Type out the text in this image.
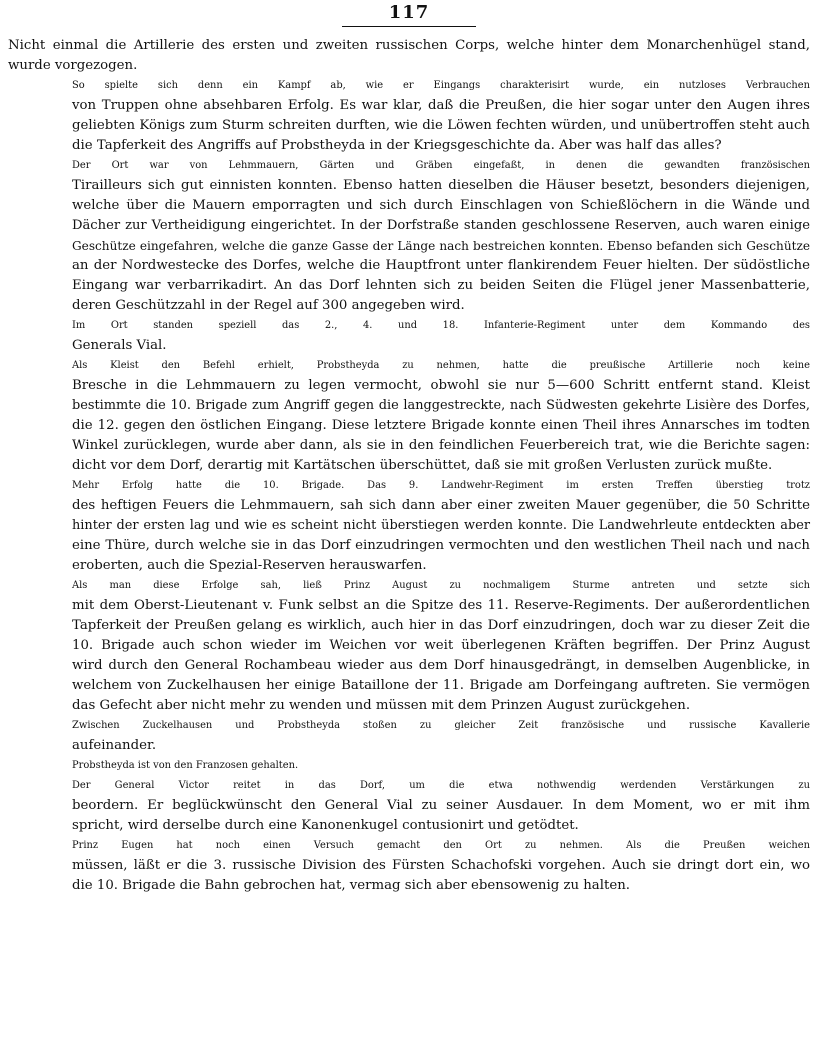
117
Nicht einmal die Artillerie des ersten und zweiten russischen Corps, welche hinter dem Monarchenhügel stand,
wurde vorgezogen.
So spielte sich denn ein Kampf ab, wie er Eingangs charakterisirt wurde, ein nutzloses Verbrauchen
von Truppen ohne absehbaren Erfolg. Es war klar, daß die Preußen, die hier sogar unter den Augen ihres
geliebten Königs zum Sturm schreiten durften, wie die Löwen fechten würden, und unübertroffen steht auch
die Tapferkeit des Angriffs auf Probstheyda in der Kriegsgeschichte da. Aber was half das alles?
Der Ort war von Lehmmauern, Gärten und Gräben eingefaßt, in denen die gewandten französischen
Tirailleurs sich gut einnisten konnten. Ebenso hatten dieselben die Häuser besetzt, besonders diejenigen,
welche über die Mauern emporragten und sich durch Einschlagen von Schießlöchern in die Wände und
Dächer zur Vertheidigung eingerichtet. In der Dorfstraße standen geschlossene Reserven, auch waren einige
Geschütze eingefahren, welche die ganze Gasse der Länge nach bestreichen konnten. Ebenso befanden sich Geschütze
an der Nordwestecke des Dorfes, welche die Hauptfront unter flankirendem Feuer hielten. Der südöstliche
Eingang war verbarrikadirt. An das Dorf lehnten sich zu beiden Seiten die Flügel jener Massenbatterie,
deren Geschützzahl in der Regel auf 300 angegeben wird.
Im Ort standen speziell das 2., 4. und 18. Infanterie-Regiment unter dem Kommando des
Generals Vial.
Als Kleist den Befehl erhielt, Probstheyda zu nehmen, hatte die preußische Artillerie noch keine
Bresche in die Lehmmauern zu legen vermocht, obwohl sie nur 5—600 Schritt entfernt stand. Kleist
bestimmte die 10. Brigade zum Angriff gegen die langgestreckte, nach Südwesten gekehrte Lisière des Dorfes,
die 12. gegen den östlichen Eingang. Diese letztere Brigade konnte einen Theil ihres Annarsches im todten
Winkel zurücklegen, wurde aber dann, als sie in den feindlichen Feuerbereich trat, wie die Berichte sagen:
dicht vor dem Dorf, derartig mit Kartätschen überschüttet, daß sie mit großen Verlusten zurück mußte.
Mehr Erfolg hatte die 10. Brigade. Das 9. Landwehr-Regiment im ersten Treffen überstieg trotz
des heftigen Feuers die Lehmmauern, sah sich dann aber einer zweiten Mauer gegenüber, die 50 Schritte
hinter der ersten lag und wie es scheint nicht überstiegen werden konnte. Die Landwehrleute entdeckten aber
eine Thüre, durch welche sie in das Dorf einzudringen vermochten und den westlichen Theil nach und nach
eroberten, auch die Spezial-Reserven herauswarfen.
Als man diese Erfolge sah, ließ Prinz August zu nochmaligem Sturme antreten und setzte sich
mit dem Oberst-Lieutenant v. Funk selbst an die Spitze des 11. Reserve-Regiments. Der außerordentlichen
Tapferkeit der Preußen gelang es wirklich, auch hier in das Dorf einzudringen, doch war zu dieser Zeit die
10. Brigade auch schon wieder im Weichen vor weit überlegenen Kräften begriffen. Der Prinz August
wird durch den General Rochambeau wieder aus dem Dorf hinausgedrängt, in demselben Augenblicke, in
welchem von Zuckelhausen her einige Bataillone der 11. Brigade am Dorfeingang auftreten. Sie vermögen
das Gefecht aber nicht mehr zu wenden und müssen mit dem Prinzen August zurückgehen.
Zwischen Zuckelhausen und Probstheyda stoßen zu gleicher Zeit französische und russische Kavallerie
aufeinander.
Probstheyda ist von den Franzosen gehalten.
Der General Victor reitet in das Dorf, um die etwa nothwendig werdenden Verstärkungen zu
beordern. Er beglückwünscht den General Vial zu seiner Ausdauer. In dem Moment, wo er mit ihm
spricht, wird derselbe durch eine Kanonenkugel contusionirt und getödtet.
Prinz Eugen hat noch einen Versuch gemacht den Ort zu nehmen. Als die Preußen weichen
müssen, läßt er die 3. russische Division des Fürsten Schachofski vorgehen. Auch sie dringt dort ein, wo
die 10. Brigade die Bahn gebrochen hat, vermag sich aber ebensowenig zu halten.
